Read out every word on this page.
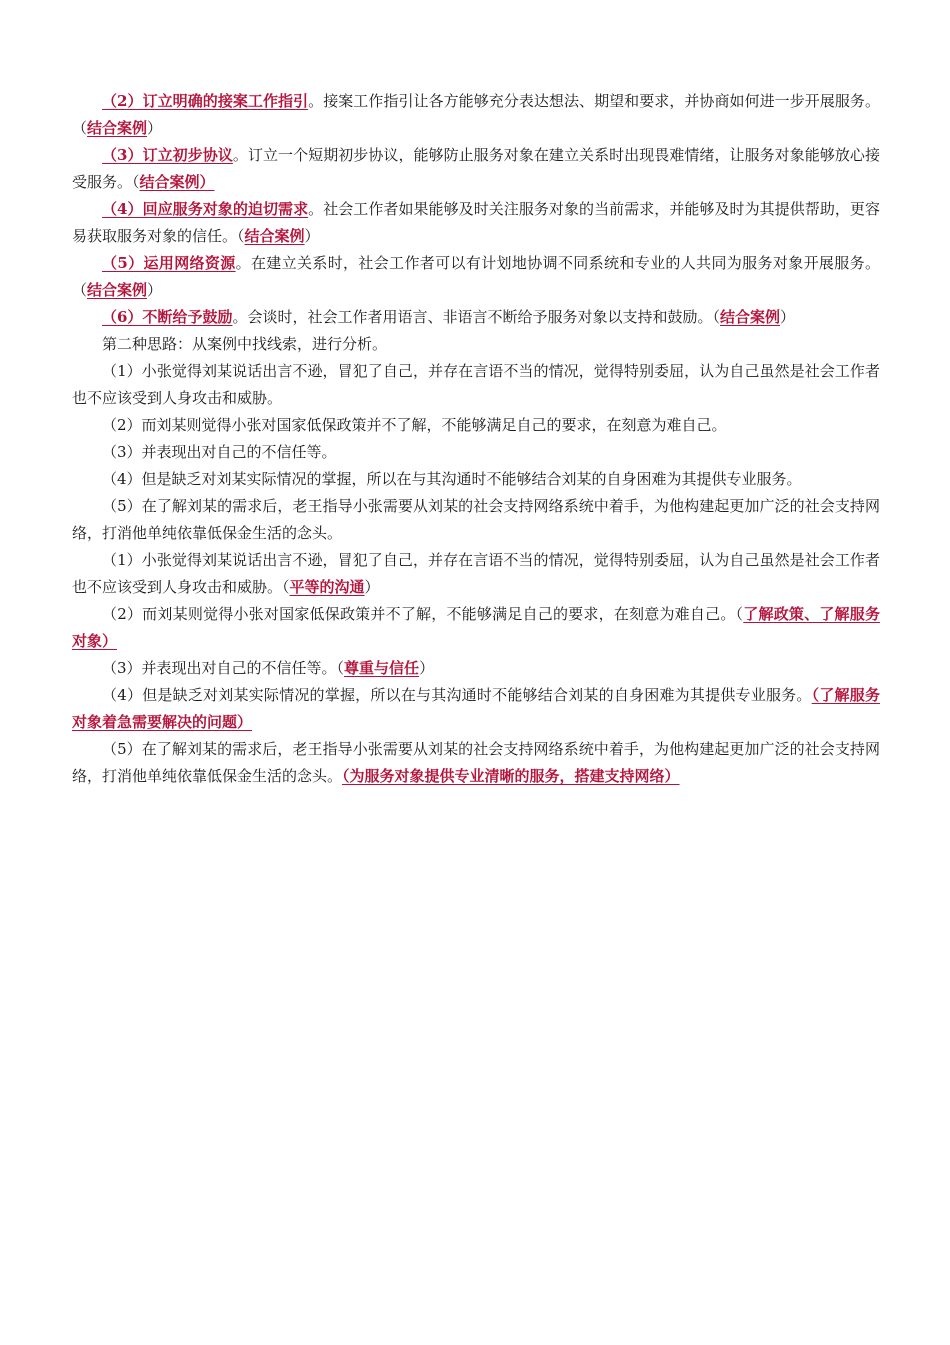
（2）订立明确的接案工作指引。接案工作指引让各方能够充分表达想法、期望和要求，并协商如何进一步开展服务。（结合案例）

（3）订立初步协议。订立一个短期初步协议，能够防止服务对象在建立关系时出现畏难情绪，让服务对象能够放心接受服务。（结合案例）

（4）回应服务对象的迫切需求。社会工作者如果能够及时关注服务对象的当前需求，并能够及时为其提供帮助，更容易获取服务对象的信任。（结合案例）

（5）运用网络资源。在建立关系时，社会工作者可以有计划地协调不同系统和专业的人共同为服务对象开展服务。（结合案例）

（6）不断给予鼓励。会谈时，社会工作者用语言、非语言不断给予服务对象以支持和鼓励。（结合案例）

第二种思路：从案例中找线索，进行分析。

（1）小张觉得刘某说话出言不逊，冒犯了自己，并存在言语不当的情况，觉得特别委屈，认为自己虽然是社会工作者也不应该受到人身攻击和威胁。

（2）而刘某则觉得小张对国家低保政策并不了解，不能够满足自己的要求，在刻意为难自己。

（3）并表现出对自己的不信任等。

（4）但是缺乏对刘某实际情况的掌握，所以在与其沟通时不能够结合刘某的自身困难为其提供专业服务。

（5）在了解刘某的需求后，老王指导小张需要从刘某的社会支持网络系统中着手，为他构建起更加广泛的社会支持网络，打消他单纯依靠低保金生活的念头。

（1）小张觉得刘某说话出言不逊，冒犯了自己，并存在言语不当的情况，觉得特别委屈，认为自己虽然是社会工作者也不应该受到人身攻击和威胁。（平等的沟通）

（2）而刘某则觉得小张对国家低保政策并不了解，不能够满足自己的要求，在刻意为难自己。（了解政策、了解服务对象）

（3）并表现出对自己的不信任等。（尊重与信任）

（4）但是缺乏对刘某实际情况的掌握，所以在与其沟通时不能够结合刘某的自身困难为其提供专业服务。（了解服务对象着急需要解决的问题）

（5）在了解刘某的需求后，老王指导小张需要从刘某的社会支持网络系统中着手，为他构建起更加广泛的社会支持网络，打消他单纯依靠低保金生活的念头。（为服务对象提供专业清晰的服务，搭建支持网络）
